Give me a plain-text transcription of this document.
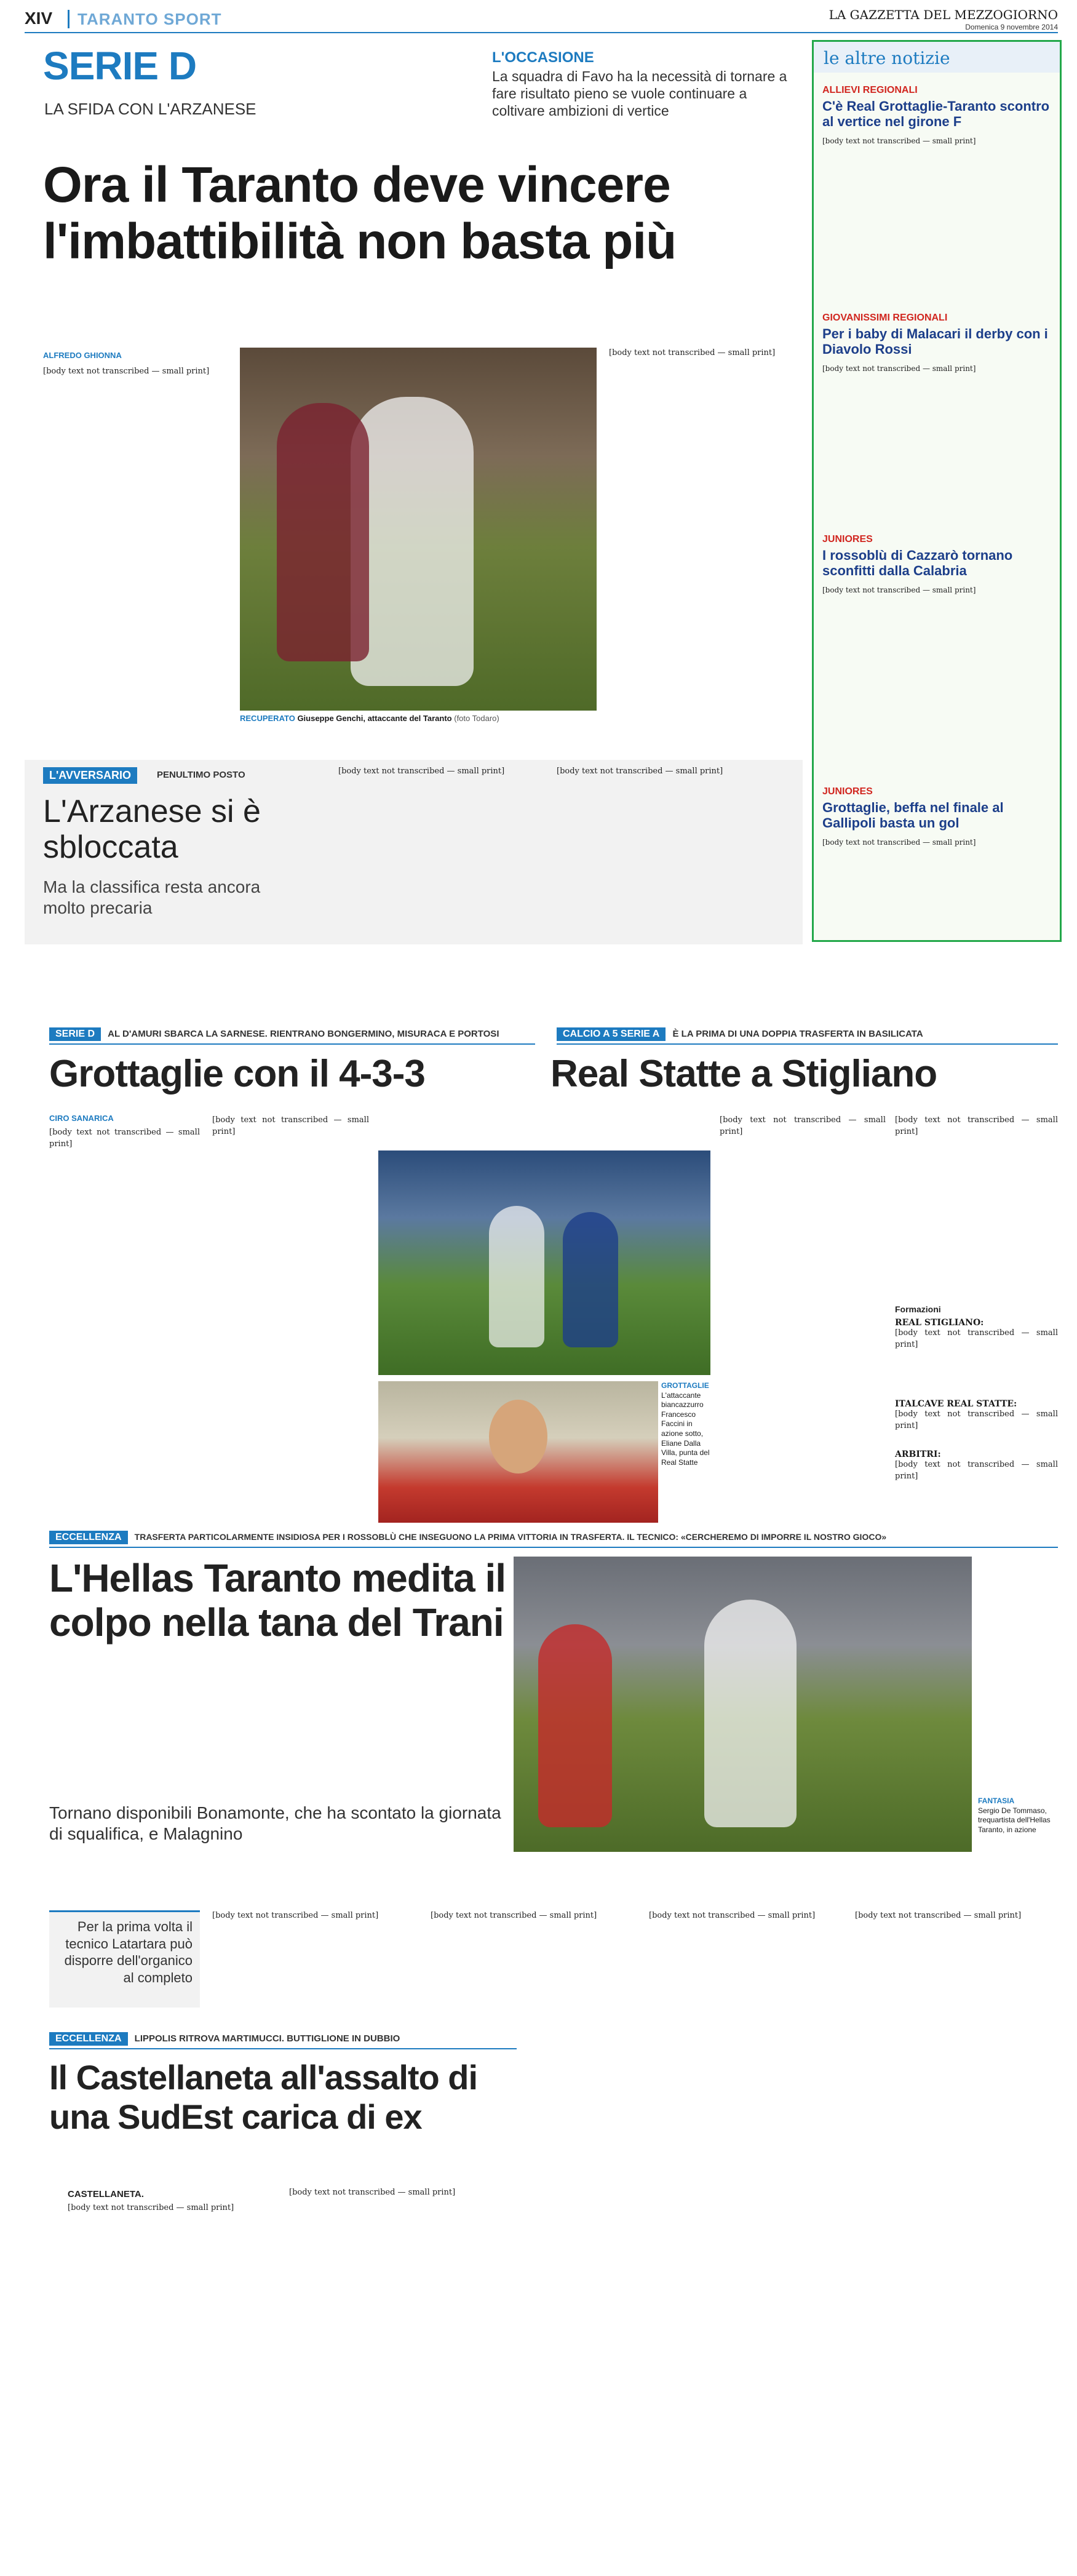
XIV TARANTO SPORT	LA GAZZETTA DEL MEZZOGIORNO
Domenica 9 novembre 2014
SERIE D
LA SFIDA CON L'ARZANESE
L'OCCASIONE
La squadra di Favo ha la necessità di tornare a fare risultato pieno se vuole continuare a coltivare ambizioni di vertice
Ora il Taranto deve vincere l'imbattibilità non basta più
ALFREDO GHIONNA
[body text not transcribed — small print]
RECUPERATO Giuseppe Genchi, attaccante del Taranto (foto Todaro)
[body text not transcribed — small print]
le altre notizie
ALLIEVI REGIONALI
C'è Real Grottaglie-Taranto scontro al vertice nel girone F
[body text not transcribed — small print]
GIOVANISSIMI REGIONALI
Per i baby di Malacari il derby con i Diavolo Rossi
[body text not transcribed — small print]
JUNIORES
I rossoblù di Cazzarò tornano sconfitti dalla Calabria
[body text not transcribed — small print]
JUNIORES
Grottaglie, beffa nel finale al Gallipoli basta un gol
[body text not transcribed — small print]
L'AVVERSARIO	PENULTIMO POSTO
L'Arzanese si è sbloccata
Ma la classifica resta ancora molto precaria
[body text not transcribed — small print]	[body text not transcribed — small print]
SERIE D AL D'AMURI SBARCA LA SARNESE. RIENTRANO BONGERMINO, MISURACA E PORTOSI	CALCIO A 5 SERIE A È LA PRIMA DI UNA DOPPIA TRASFERTA IN BASILICATA
Grottaglie con il 4-3-3	Real Statte a Stigliano
CIRO SANARICA
[body text not transcribed — small print]
[body text not transcribed — small print]
GROTTAGLIE
L'attaccante biancazzurro Francesco Faccini in azione sotto, Eliane Dalla Villa, punta del Real Statte
[body text not transcribed — small print]
[body text not transcribed — small print]
Formazioni
REAL STIGLIANO:
[body text not transcribed — small print]
ITALCAVE REAL STATTE:
[body text not transcribed — small print]
ARBITRI:
[body text not transcribed — small print]
ECCELLENZA TRASFERTA PARTICOLARMENTE INSIDIOSA PER I ROSSOBLÙ CHE INSEGUONO LA PRIMA VITTORIA IN TRASFERTA. IL TECNICO: «CERCHEREMO DI IMPORRE IL NOSTRO GIOCO»
L'Hellas Taranto medita il colpo nella tana del Trani
Tornano disponibili Bonamonte, che ha scontato la giornata di squalifica, e Malagnino
FANTASIA
Sergio De Tommaso, trequartista dell'Hellas Taranto, in azione
Per la prima volta il tecnico Latartara può disporre dell'organico al completo
[body text not transcribed — small print]	[body text not transcribed — small print]	[body text not transcribed — small print]	[body text not transcribed — small print]
ECCELLENZA LIPPOLIS RITROVA MARTIMUCCI. BUTTIGLIONE IN DUBBIO
Il Castellaneta all'assalto di una SudEst carica di ex
CASTELLANETA.
[body text not transcribed — small print]
[body text not transcribed — small print]
